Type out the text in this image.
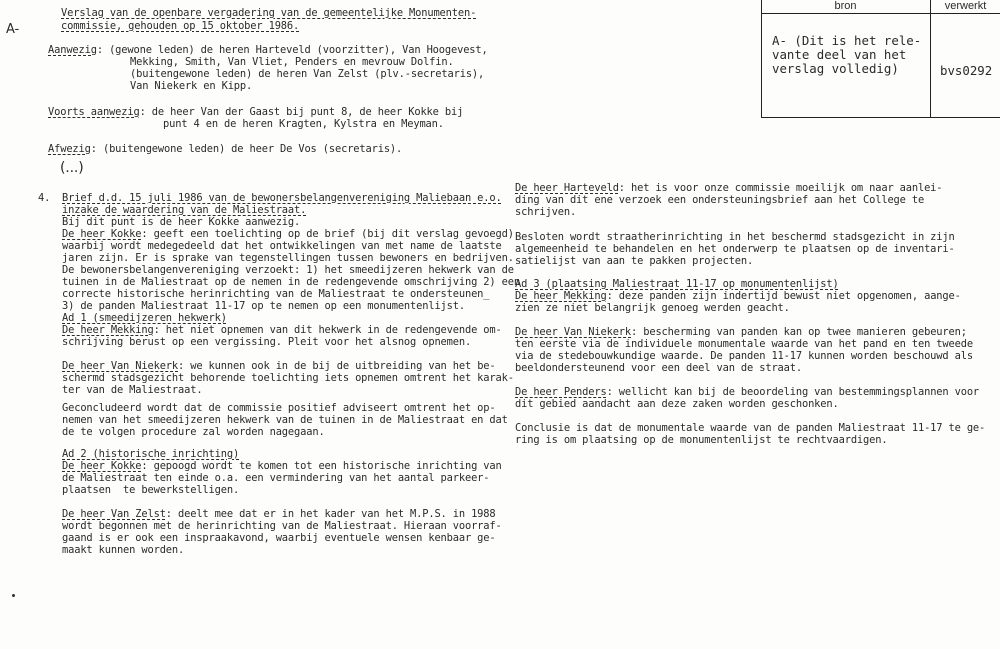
A-
Verslag van de openbare vergadering van de gemeentelijke Monumenten-
commissie, gehouden op 15 oktober 1986.
bron	verwerkt
A- (Dit is het rele-
vante deel van het
verslag volledig)	bvs0292
Aanwezig: (gewone leden) de heren Harteveld (voorzitter), Van Hoogevest,
Mekking, Smith, Van Vliet, Penders en mevrouw Dolfin.
(buitengewone leden) de heren Van Zelst (plv.-secretaris),
Van Niekerk en Kipp.
Voorts aanwezig: de heer Van der Gaast bij punt 8, de heer Kokke bij
punt 4 en de heren Kragten, Kylstra en Meyman.
Afwezig: (buitengewone leden) de heer De Vos (secretaris).
(...)
4. Brief d.d. 15 juli 1986 van de bewonersbelangenvereniging Maliebaan e.o.
inzake de waardering van de Maliestraat.
Bij dit punt is de heer Kokke aanwezig.
De heer Kokke: geeft een toelichting op de brief (bij dit verslag gevoegd)
waarbij wordt medegedeeld dat het ontwikkelingen van met name de laatste
jaren zijn. Er is sprake van tegenstellingen tussen bewoners en bedrijven.
De bewonersbelangenvereniging verzoekt: 1) het smeedijzeren hekwerk van de
tuinen in de Maliestraat op de nemen in de redengevende omschrijving 2) een
correcte historische herinrichting van de Maliestraat te ondersteunen_
3) de panden Maliestraat 11-17 op te nemen op een monumentenlijst.
Ad 1 (smeedijzeren hekwerk)
De heer Mekking: het niet opnemen van dit hekwerk in de redengevende om-
schrijving berust op een vergissing. Pleit voor het alsnog opnemen.
De heer Van Niekerk: we kunnen ook in de bij de uitbreiding van het be-
schermd stadsgezicht behorende toelichting iets opnemen omtrent het karak-
ter van de Maliestraat.
Geconcludeerd wordt dat de commissie positief adviseert omtrent het op-
nemen van het smeedijzeren hekwerk van de tuinen in de Maliestraat en dat
de te volgen procedure zal worden nagegaan.
Ad 2 (historische inrichting)
De heer Kokke: gepoogd wordt te komen tot een historische inrichting van
de Maliestraat ten einde o.a. een vermindering van het aantal parkeer-
plaatsen  te bewerkstelligen.
De heer Van Zelst: deelt mee dat er in het kader van het M.P.S. in 1988
wordt begonnen met de herinrichting van de Maliestraat. Hieraan voorraf-
gaand is er ook een inspraakavond, waarbij eventuele wensen kenbaar ge-
maakt kunnen worden.
De heer Harteveld: het is voor onze commissie moeilijk om naar aanlei-
ding van dit ene verzoek een ondersteuningsbrief aan het College te
schrijven.
Besloten wordt straatherinrichting in het beschermd stadsgezicht in zijn
algemeenheid te behandelen en het onderwerp te plaatsen op de inventari-
satielijst van aan te pakken projecten.
Ad 3 (plaatsing Maliestraat 11-17 op monumentenlijst)
De heer Mekking: deze panden zijn indertijd bewust niet opgenomen, aange-
zien ze niet belangrijk genoeg werden geacht.
De heer Van Niekerk: bescherming van panden kan op twee manieren gebeuren;
ten eerste via de individuele monumentale waarde van het pand en ten tweede
via de stedebouwkundige waarde. De panden 11-17 kunnen worden beschouwd als
beeldondersteunend voor een deel van de straat.
De heer Penders: wellicht kan bij de beoordeling van bestemmingsplannen voor
dit gebied aandacht aan deze zaken worden geschonken.
Conclusie is dat de monumentale waarde van de panden Maliestraat 11-17 te ge-
ring is om plaatsing op de monumentenlijst te rechtvaardigen.
